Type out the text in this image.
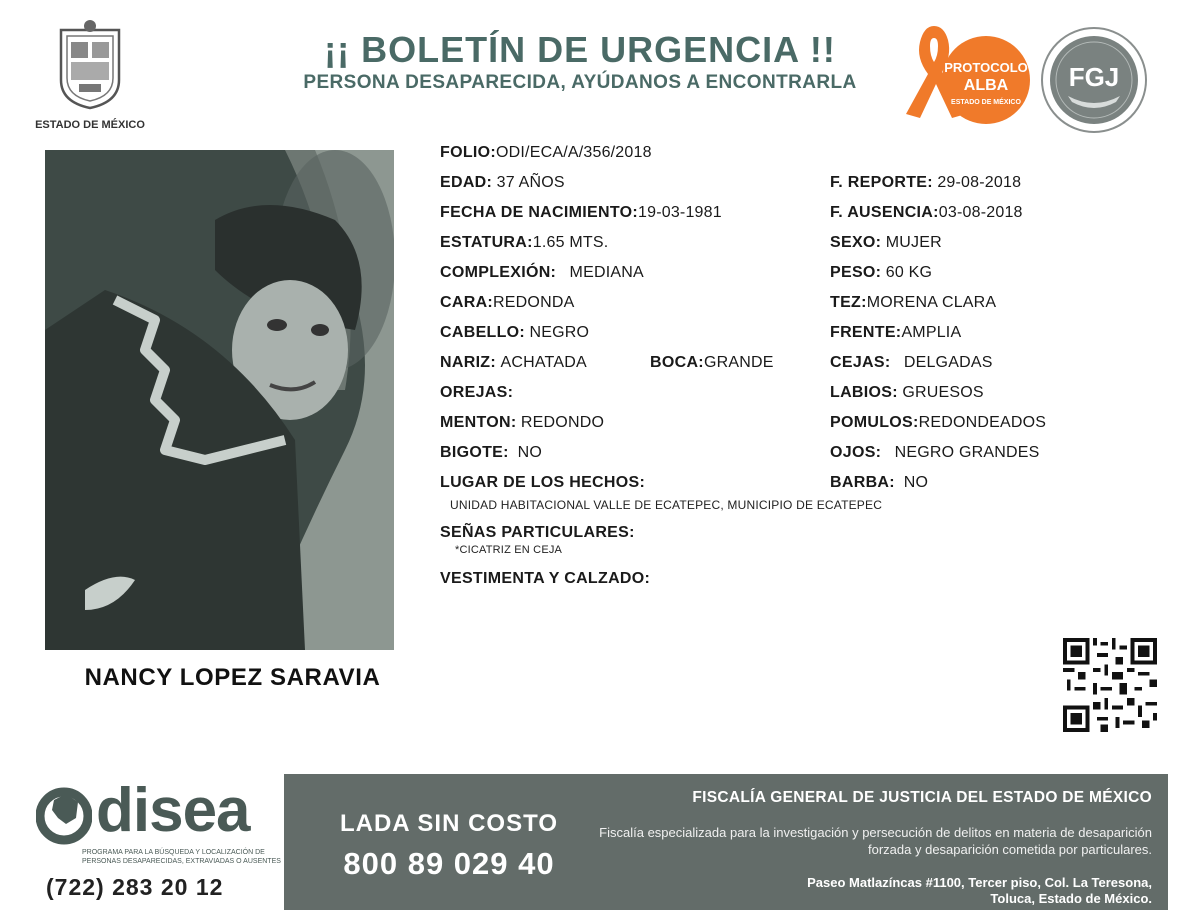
ESTADO DE MÉXICO
¡¡ BOLETÍN DE URGENCIA !!
PERSONA DESAPARECIDA, AYÚDANOS A ENCONTRARLA
PROTOCOLO
ALBA
ESTADO DE MÉXICO
FGJ
NANCY LOPEZ SARAVIA
FOLIO:ODI/ECA/A/356/2018
EDAD: 37 AÑOS	F. REPORTE: 29-08-2018
FECHA DE NACIMIENTO:19-03-1981	F. AUSENCIA:03-08-2018
ESTATURA:1.65 MTS.	SEXO: MUJER
COMPLEXIÓN: MEDIANA	PESO: 60 KG
CARA:REDONDA	TEZ:MORENA CLARA
CABELLO: NEGRO	FRENTE:AMPLIA
NARIZ: ACHATADA	BOCA:GRANDE	CEJAS: DELGADAS
OREJAS:	LABIOS: GRUESOS
MENTON: REDONDO	POMULOS:REDONDEADOS
BIGOTE: NO	OJOS: NEGRO GRANDES
LUGAR DE LOS HECHOS:	BARBA: NO
UNIDAD HABITACIONAL VALLE DE ECATEPEC, MUNICIPIO DE ECATEPEC
SEÑAS PARTICULARES:
*CICATRIZ EN CEJA
VESTIMENTA Y CALZADO:
disea
PROGRAMA PARA LA BÚSQUEDA Y LOCALIZACIÓN DE PERSONAS DESAPARECIDAS, EXTRAVIADAS O AUSENTES
(722) 283 20 12
LADA SIN COSTO
800 89 029 40
FISCALÍA GENERAL DE JUSTICIA DEL ESTADO DE MÉXICO
Fiscalía especializada para la investigación y persecución de delitos en materia de desaparición forzada y desaparición cometida por particulares.
Paseo Matlazíncas #1100, Tercer piso, Col. La Teresona,
Toluca, Estado de México.
